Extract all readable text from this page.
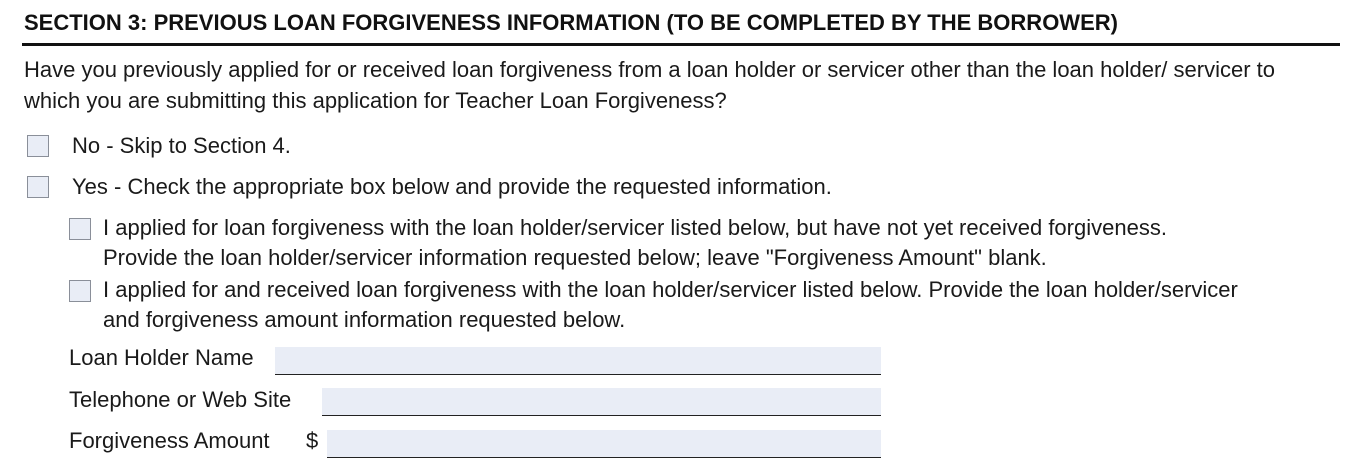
SECTION 3: PREVIOUS LOAN FORGIVENESS INFORMATION (TO BE COMPLETED BY THE BORROWER)
Have you previously applied for or received loan forgiveness from a loan holder or servicer other than the loan holder/ servicer to which you are submitting this application for Teacher Loan Forgiveness?
No - Skip to Section 4.
Yes - Check the appropriate box below and provide the requested information.
I applied for loan forgiveness with the loan holder/servicer listed below, but have not yet received forgiveness.
Provide the loan holder/servicer information requested below; leave "Forgiveness Amount" blank.
I applied for and received loan forgiveness with the loan holder/servicer listed below. Provide the loan holder/servicer
and forgiveness amount information requested below.
Loan Holder Name
Telephone or Web Site
Forgiveness Amount $
